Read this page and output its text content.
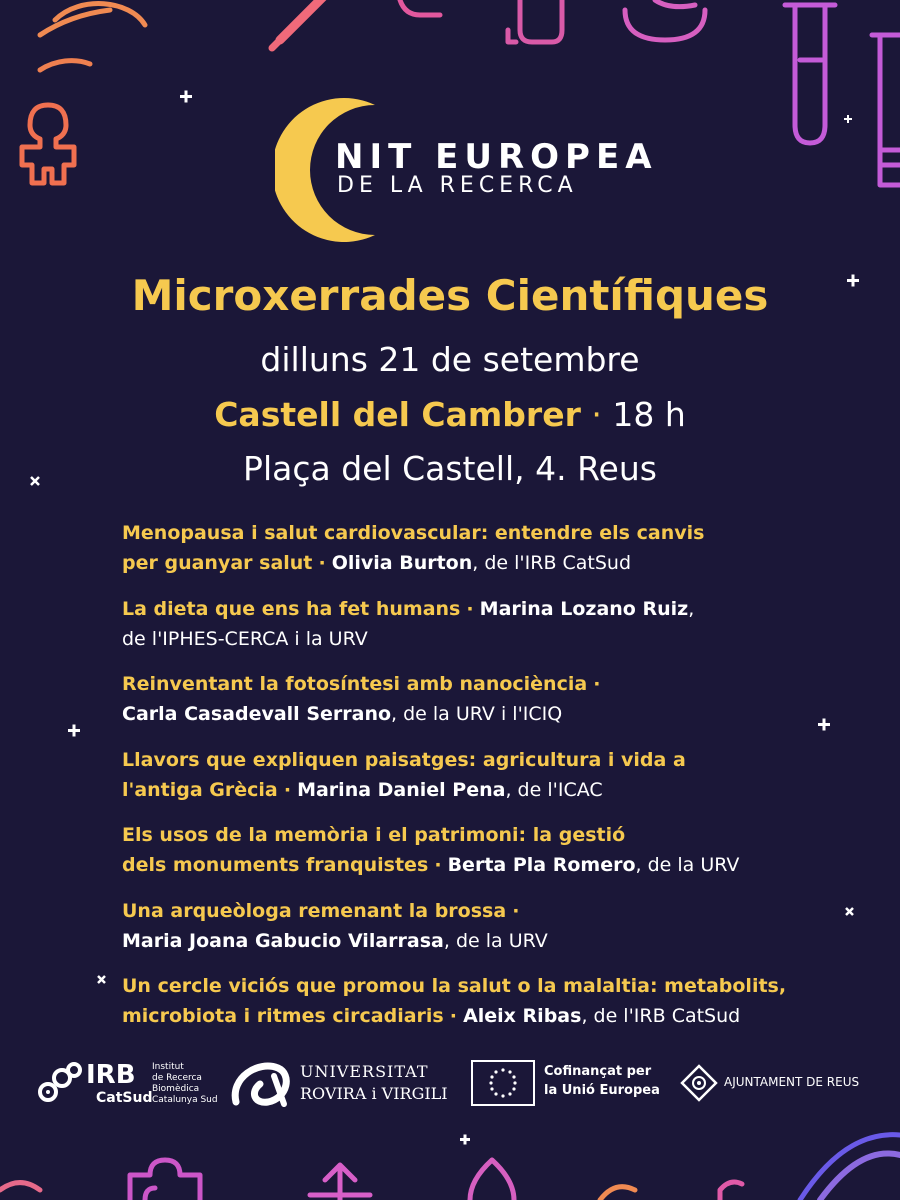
NIT EUROPEA
DE LA RECERCA
Microxerrades Científiques
dilluns 21 de setembre
Castell del Cambrer · 18 h
Plaça del Castell, 4. Reus
Menopausa i salut cardiovascular: entendre els canvis
per guanyar salut · Olivia Burton, de l'IRB CatSud
La dieta que ens ha fet humans · Marina Lozano Ruiz,
de l'IPHES-CERCA i la URV
Reinventant la fotosíntesi amb nanociència ·
Carla Casadevall Serrano, de la URV i l'ICIQ
Llavors que expliquen paisatges: agricultura i vida a
l'antiga Grècia · Marina Daniel Pena, de l'ICAC
Els usos de la memòria i el patrimoni: la gestió
dels monuments franquistes · Berta Pla Romero, de la URV
Una arqueòloga remenant la brossa ·
Maria Joana Gabucio Vilarrasa, de la URV
Un cercle viciós que promou la salut o la malaltia: metabolits,
microbiota i ritmes circadiaris · Aleix Ribas, de l'IRB CatSud
IRB
CatSud
Institut
de Recerca
Biomèdica
Catalunya Sud
UNIVERSITAT
ROVIRA i VIRGILI
Cofinançat per
la Unió Europea
AJUNTAMENT DE REUS
